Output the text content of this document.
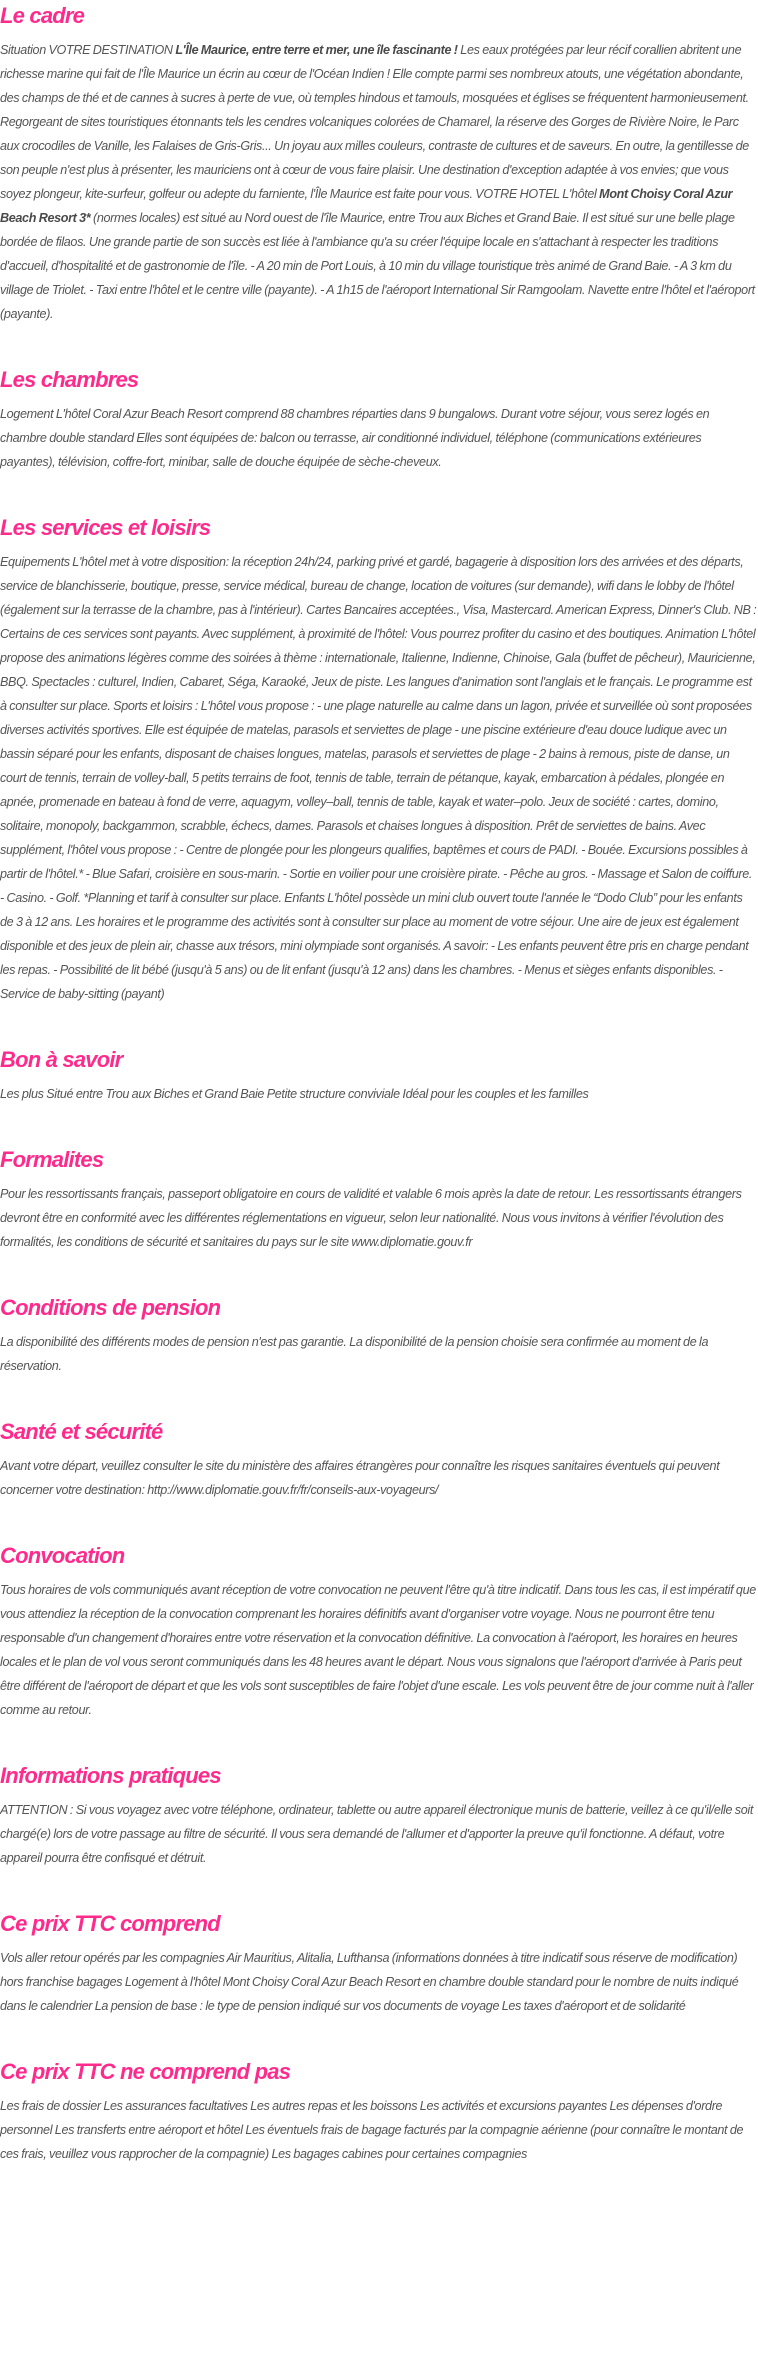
Le cadre

Situation VOTRE DESTINATION L'Île Maurice, entre terre et mer, une île fascinante ! Les eaux protégées par leur récif corallien abritent une richesse marine qui fait de l'Île Maurice un écrin au cœur de l'Océan Indien ! Elle compte parmi ses nombreux atouts, une végétation abondante, des champs de thé et de cannes à sucres à perte de vue, où temples hindous et tamouls, mosquées et églises se fréquentent harmonieusement. Regorgeant de sites touristiques étonnants tels les cendres volcaniques colorées de Chamarel, la réserve des Gorges de Rivière Noire, le Parc aux crocodiles de Vanille, les Falaises de Gris-Gris... Un joyau aux milles couleurs, contraste de cultures et de saveurs. En outre, la gentillesse de son peuple n'est plus à présenter, les mauriciens ont à cœur de vous faire plaisir. Une destination d'exception adaptée à vos envies; que vous soyez plongeur, kite-surfeur, golfeur ou adepte du farniente, l'Île Maurice est faite pour vous. VOTRE HOTEL L'hôtel Mont Choisy Coral Azur Beach Resort 3* (normes locales) est situé au Nord ouest de l'île Maurice, entre Trou aux Biches et Grand Baie. Il est situé sur une belle plage bordée de filaos. Une grande partie de son succès est liée à l'ambiance qu'a su créer l'équipe locale en s'attachant à respecter les traditions d'accueil, d'hospitalité et de gastronomie de l'île. - A 20 min de Port Louis, à 10 min du village touristique très animé de Grand Baie. - A 3 km du village de Triolet. - Taxi entre l'hôtel et le centre ville (payante). - A 1h15 de l'aéroport International Sir Ramgoolam. Navette entre l'hôtel et l'aéroport (payante).

Les chambres

Logement L'hôtel Coral Azur Beach Resort comprend 88 chambres réparties dans 9 bungalows. Durant votre séjour, vous serez logés en chambre double standard Elles sont équipées de: balcon ou terrasse, air conditionné individuel, téléphone (communications extérieures payantes), télévision, coffre-fort, minibar, salle de douche équipée de sèche-cheveux.

Les services et loisirs

Equipements L'hôtel met à votre disposition: la réception 24h/24, parking privé et gardé, bagagerie à disposition lors des arrivées et des départs, service de blanchisserie, boutique, presse, service médical, bureau de change, location de voitures (sur demande), wifi dans le lobby de l'hôtel (également sur la terrasse de la chambre, pas à l'intérieur). Cartes Bancaires acceptées., Visa, Mastercard. American Express, Dinner's Club. NB : Certains de ces services sont payants. Avec supplément, à proximité de l'hôtel: Vous pourrez profiter du casino et des boutiques. Animation L'hôtel propose des animations légères comme des soirées à thème : internationale, Italienne, Indienne, Chinoise, Gala (buffet de pêcheur), Mauricienne, BBQ. Spectacles : culturel, Indien, Cabaret, Séga, Karaoké, Jeux de piste. Les langues d'animation sont l'anglais et le français. Le programme est à consulter sur place. Sports et loisirs : L'hôtel vous propose : - une plage naturelle au calme dans un lagon, privée et surveillée où sont proposées diverses activités sportives. Elle est équipée de matelas, parasols et serviettes de plage - une piscine extérieure d'eau douce ludique avec un bassin séparé pour les enfants, disposant de chaises longues, matelas, parasols et serviettes de plage - 2 bains à remous, piste de danse, un court de tennis, terrain de volley-ball, 5 petits terrains de foot, tennis de table, terrain de pétanque, kayak, embarcation à pédales, plongée en apnée, promenade en bateau à fond de verre, aquagym, volley–ball, tennis de table, kayak et water–polo. Jeux de société : cartes, domino, solitaire, monopoly, backgammon, scrabble, échecs, dames. Parasols et chaises longues à disposition. Prêt de serviettes de bains. Avec supplément, l'hôtel vous propose : - Centre de plongée pour les plongeurs qualifies, baptêmes et cours de PADI. - Bouée. Excursions possibles à partir de l'hôtel.* - Blue Safari, croisière en sous-marin. - Sortie en voilier pour une croisière pirate. - Pêche au gros. - Massage et Salon de coiffure. - Casino. - Golf. *Planning et tarif à consulter sur place. Enfants L'hôtel possède un mini club ouvert toute l'année le “Dodo Club” pour les enfants de 3 à 12 ans. Les horaires et le programme des activités sont à consulter sur place au moment de votre séjour. Une aire de jeux est également disponible et des jeux de plein air, chasse aux trésors, mini olympiade sont organisés. A savoir: - Les enfants peuvent être pris en charge pendant les repas. - Possibilité de lit bébé (jusqu'à 5 ans) ou de lit enfant (jusqu'à 12 ans) dans les chambres. - Menus et sièges enfants disponibles. - Service de baby-sitting (payant)

Bon à savoir

Les plus Situé entre Trou aux Biches et Grand Baie Petite structure conviviale Idéal pour les couples et les familles

Formalites

Pour les ressortissants français, passeport obligatoire en cours de validité et valable 6 mois après la date de retour. Les ressortissants étrangers devront être en conformité avec les différentes réglementations en vigueur, selon leur nationalité. Nous vous invitons à vérifier l'évolution des formalités, les conditions de sécurité et sanitaires du pays sur le site www.diplomatie.gouv.fr

Conditions de pension

La disponibilité des différents modes de pension n'est pas garantie. La disponibilité de la pension choisie sera confirmée au moment de la réservation.

Santé et sécurité

Avant votre départ, veuillez consulter le site du ministère des affaires étrangères pour connaître les risques sanitaires éventuels qui peuvent concerner votre destination: http://www.diplomatie.gouv.fr/fr/conseils-aux-voyageurs/

Convocation

Tous horaires de vols communiqués avant réception de votre convocation ne peuvent l'être qu'à titre indicatif. Dans tous les cas, il est impératif que vous attendiez la réception de la convocation comprenant les horaires définitifs avant d'organiser votre voyage. Nous ne pourront être tenu responsable d'un changement d'horaires entre votre réservation et la convocation définitive. La convocation à l'aéroport, les horaires en heures locales et le plan de vol vous seront communiqués dans les 48 heures avant le départ. Nous vous signalons que l'aéroport d'arrivée à Paris peut être différent de l'aéroport de départ et que les vols sont susceptibles de faire l'objet d'une escale. Les vols peuvent être de jour comme nuit à l'aller comme au retour.

Informations pratiques

ATTENTION : Si vous voyagez avec votre téléphone, ordinateur, tablette ou autre appareil électronique munis de batterie, veillez à ce qu'il/elle soit chargé(e) lors de votre passage au filtre de sécurité. Il vous sera demandé de l'allumer et d'apporter la preuve qu'il fonctionne. A défaut, votre appareil pourra être confisqué et détruit.

Ce prix TTC comprend

Vols aller retour opérés par les compagnies Air Mauritius, Alitalia, Lufthansa (informations données à titre indicatif sous réserve de modification) hors franchise bagages Logement à l'hôtel Mont Choisy Coral Azur Beach Resort en chambre double standard pour le nombre de nuits indiqué dans le calendrier La pension de base : le type de pension indiqué sur vos documents de voyage Les taxes d'aéroport et de solidarité

Ce prix TTC ne comprend pas

Les frais de dossier Les assurances facultatives Les autres repas et les boissons Les activités et excursions payantes Les dépenses d'ordre personnel Les transferts entre aéroport et hôtel Les éventuels frais de bagage facturés par la compagnie aérienne (pour connaître le montant de ces frais, veuillez vous rapprocher de la compagnie) Les bagages cabines pour certaines compagnies
